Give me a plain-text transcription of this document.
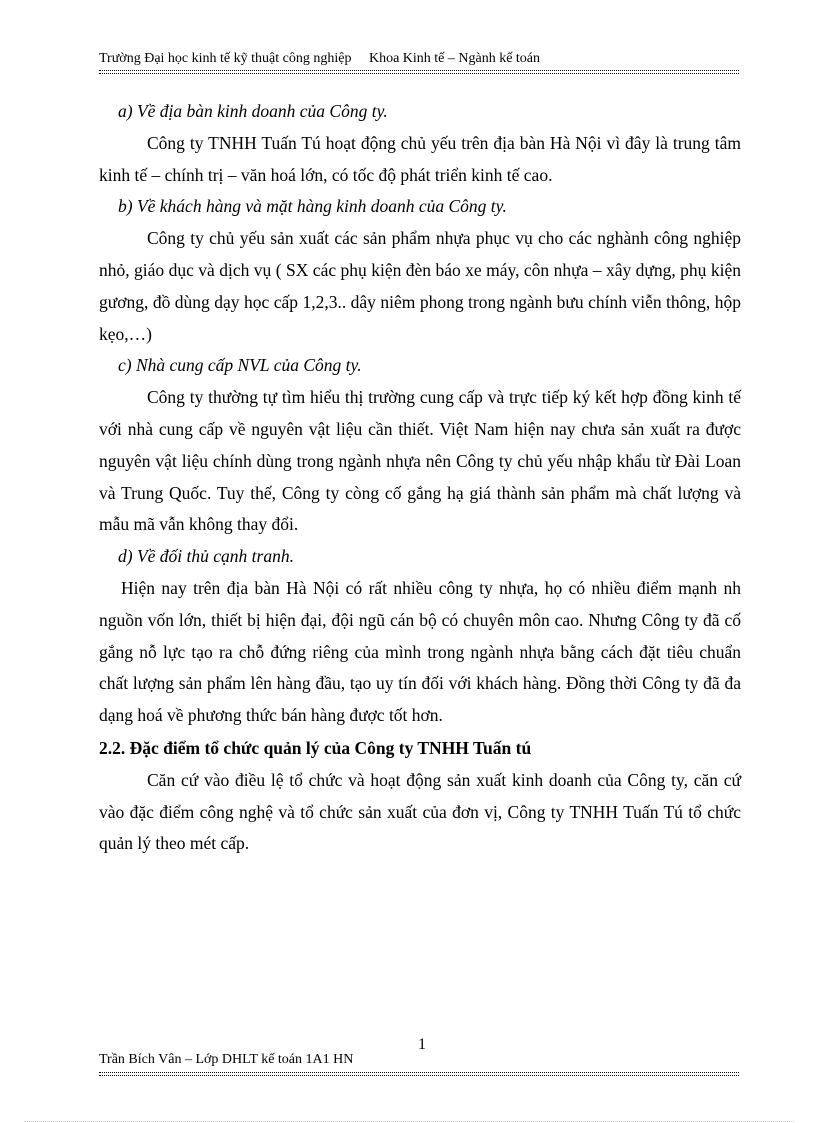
Trường Đại học kinh tế kỹ thuật công nghiệp Khoa Kinh tế – Ngành kế toán

a) Về địa bàn kinh doanh của Công ty.

Công ty TNHH Tuấn Tú hoạt động chủ yếu trên địa bàn Hà Nội vì đây là trung tâm kinh tế – chính trị – văn hoá lớn, có tốc độ phát triển kinh tế cao.

b) Về khách hàng và mặt hàng kinh doanh của Công ty.

Công ty chủ yếu sản xuất các sản phẩm nhựa phục vụ cho các nghành công nghiệp nhỏ, giáo dục và dịch vụ ( SX các phụ kiện đèn báo xe máy, côn nhựa – xây dựng, phụ kiện gương, đồ dùng dạy học cấp 1,2,3.. dây niêm phong trong ngành bưu chính viễn thông, hộp kẹo,…)

c) Nhà cung cấp NVL của Công ty.

Công ty thường tự tìm hiểu thị trường cung cấp và trực tiếp ký kết hợp đồng kinh tế với nhà cung cấp về nguyên vật liệu cần thiết. Việt Nam hiện nay chưa sản xuất ra được nguyên vật liệu chính dùng trong ngành nhựa nên Công ty chủ yếu nhập khẩu từ Đài Loan và Trung Quốc. Tuy thế, Công ty còng cố gắng hạ giá thành sản phẩm mà chất lượng và mẫu mã vẫn không thay đổi.

d) Về đối thủ cạnh tranh.

Hiện nay trên địa bàn Hà Nội có rất nhiều công ty nhựa, họ có nhiều điểm mạnh nh nguồn vốn lớn, thiết bị hiện đại, đội ngũ cán bộ có chuyên môn cao. Nhưng Công ty đã cố gắng nỗ lực tạo ra chỗ đứng riêng của mình trong ngành nhựa bằng cách đặt tiêu chuẩn chất lượng sản phẩm lên hàng đầu, tạo uy tín đối với khách hàng. Đồng thời Công ty đã đa dạng hoá về phương thức bán hàng được tốt hơn.

2.2. Đặc điểm tổ chức quản lý của Công ty TNHH Tuấn tú

Căn cứ vào điều lệ tổ chức và hoạt động sản xuất kinh doanh của Công ty, căn cứ vào đặc điểm công nghệ và tổ chức sản xuất của đơn vị, Công ty TNHH Tuấn Tú tổ chức quản lý theo mét cấp.

1
Trần Bích Vân – Lớp DHLT kế toán 1A1 HN
